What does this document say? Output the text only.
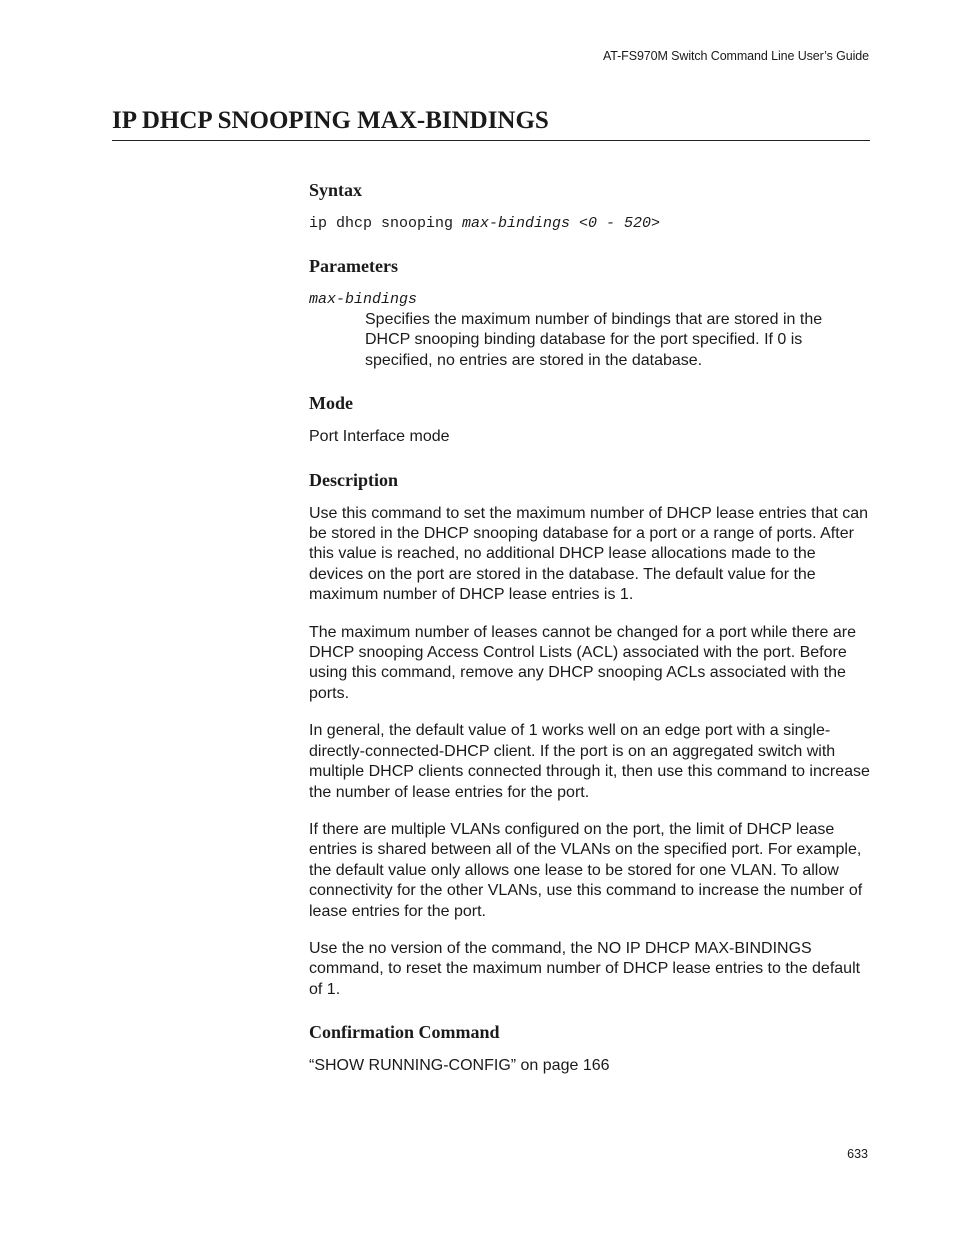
AT-FS970M Switch Command Line User’s Guide
IP DHCP SNOOPING MAX-BINDINGS
Syntax
ip dhcp snooping max-bindings <0 - 520>
Parameters
max-bindings

Specifies the maximum number of bindings that are stored in the DHCP snooping binding database for the port specified. If 0 is specified, no entries are stored in the database.

Mode

Port Interface mode

Description

Use this command to set the maximum number of DHCP lease entries that can be stored in the DHCP snooping database for a port or a range of ports. After this value is reached, no additional DHCP lease allocations made to the devices on the port are stored in the database. The default value for the maximum number of DHCP lease entries is 1.

The maximum number of leases cannot be changed for a port while there are DHCP snooping Access Control Lists (ACL) associated with the port. Before using this command, remove any DHCP snooping ACLs associated with the ports.

In general, the default value of 1 works well on an edge port with a single-directly-connected-DHCP client. If the port is on an aggregated switch with multiple DHCP clients connected through it, then use this command to increase the number of lease entries for the port.

If there are multiple VLANs configured on the port, the limit of DHCP lease entries is shared between all of the VLANs on the specified port. For example, the default value only allows one lease to be stored for one VLAN. To allow connectivity for the other VLANs, use this command to increase the number of lease entries for the port.

Use the no version of the command, the NO IP DHCP MAX-BINDINGS command, to reset the maximum number of DHCP lease entries to the default of 1.

Confirmation Command

“SHOW RUNNING-CONFIG” on page 166

633
